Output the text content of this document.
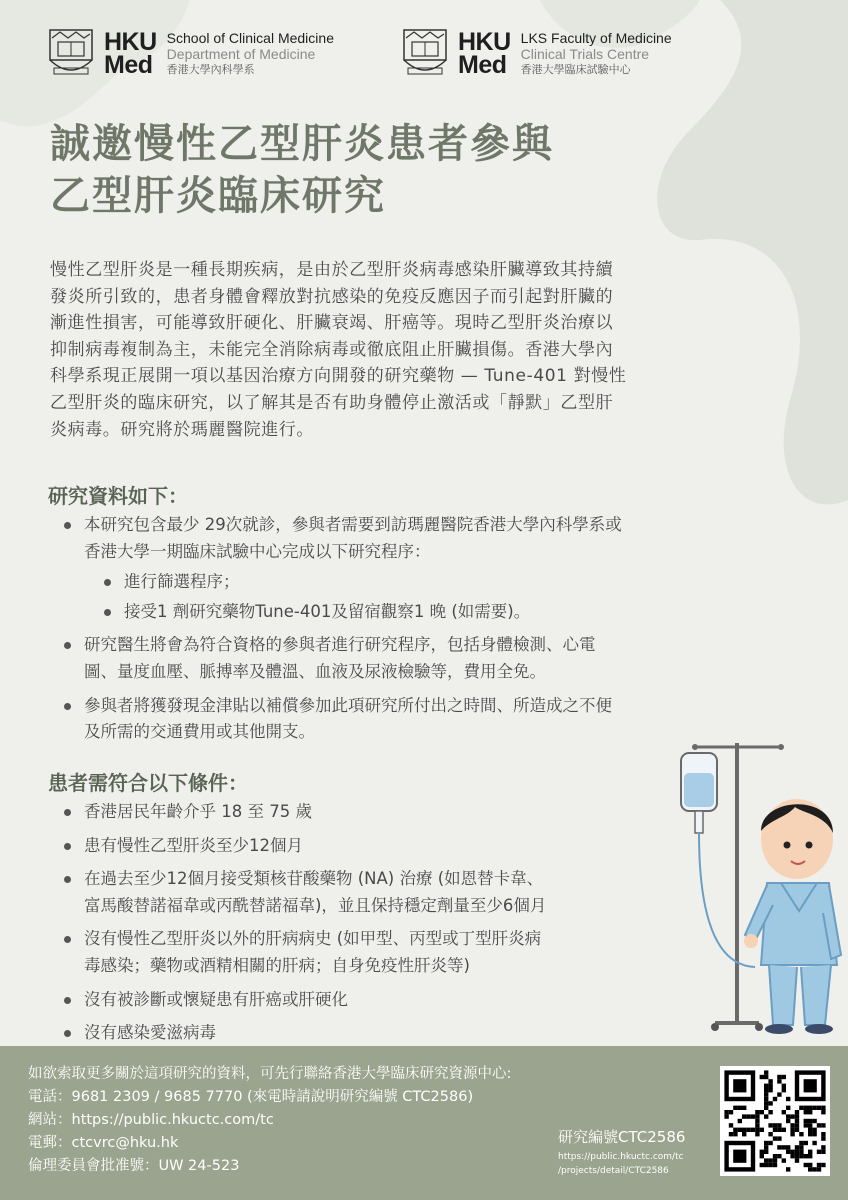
HKU
Med
School of Clinical Medicine
Department of Medicine
香港大學內科學系
HKU
Med
LKS Faculty of Medicine
Clinical Trials Centre
香港大學臨床試驗中心
誠邀慢性乙型肝炎患者參與
乙型肝炎臨床研究
慢性乙型肝炎是一種長期疾病，是由於乙型肝炎病毒感染肝臟導致其持續
發炎所引致的，患者身體會釋放對抗感染的免疫反應因子而引起對肝臟的
漸進性損害，可能導致肝硬化、肝臟衰竭、肝癌等。現時乙型肝炎治療以
抑制病毒複制為主，未能完全消除病毒或徹底阻止肝臟損傷。香港大學內
科學系現正展開一項以基因治療方向開發的研究藥物 — Tune-401 對慢性
乙型肝炎的臨床研究，以了解其是否有助身體停止激活或「靜默」乙型肝
炎病毒。研究將於瑪麗醫院進行。
研究資料如下：
本研究包含最少 29次就診，參與者需要到訪瑪麗醫院香港大學內科學系或
香港大學一期臨床試驗中心完成以下研究程序：
進行篩選程序；
接受1 劑研究藥物Tune-401及留宿觀察1 晚 (如需要)。
研究醫生將會為符合資格的參與者進行研究程序，包括身體檢測、心電
圖、量度血壓、脈搏率及體溫、血液及尿液檢驗等，費用全免。
參與者將獲發現金津貼以補償參加此項研究所付出之時間、所造成之不便
及所需的交通費用或其他開支。
患者需符合以下條件：
香港居民年齡介乎 18 至 75 歲
患有慢性乙型肝炎至少12個月
在過去至少12個月接受類核苷酸藥物 (NA) 治療 (如恩替卡韋、
富馬酸替諾福韋或丙酰替諾福韋)，並且保持穩定劑量至少6個月
沒有慢性乙型肝炎以外的肝病病史 (如甲型、丙型或丁型肝炎病
毒感染；藥物或酒精相關的肝病；自身免疫性肝炎等)
沒有被診斷或懷疑患有肝癌或肝硬化
沒有感染愛滋病毒
如欲索取更多關於這項研究的資料，可先行聯絡香港大學臨床研究資源中心:
電話：9681 2309 / 9685 7770 (來電時請說明研究編號 CTC2586)
網站：https://public.hkuctc.com/tc
電郵：ctcvrc@hku.hk
倫理委員會批准號：UW 24-523
研究編號CTC2586
https://public.hkuctc.com/tc
/projects/detail/CTC2586
